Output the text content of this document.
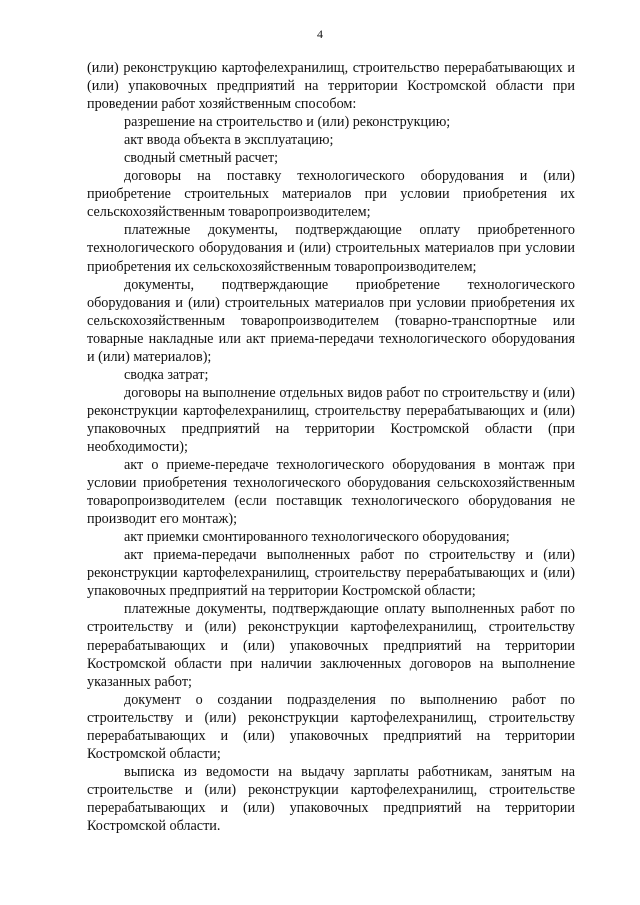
4

(или) реконструкцию картофелехранилищ, строительство перерабатывающих и (или) упаковочных предприятий на территории Костромской области при проведении работ хозяйственным способом:

разрешение на строительство и (или) реконструкцию;

акт ввода объекта в эксплуатацию;

сводный сметный расчет;

договоры на поставку технологического оборудования и (или) приобретение строительных материалов при условии приобретения их сельскохозяйственным товаропроизводителем;

платежные документы, подтверждающие оплату приобретенного технологического оборудования и (или) строительных материалов при условии приобретения их сельскохозяйственным товаропроизводителем;

документы, подтверждающие приобретение технологического оборудования и (или) строительных материалов при условии приобретения их сельскохозяйственным товаропроизводителем (товарно-транспортные или товарные накладные или акт приема-передачи технологического оборудования и (или) материалов);

сводка затрат;

договоры на выполнение отдельных видов работ по строительству и (или) реконструкции картофелехранилищ, строительству перерабатывающих и (или) упаковочных предприятий на территории Костромской области (при необходимости);

акт о приеме-передаче технологического оборудования в монтаж при условии приобретения технологического оборудования сельскохозяйственным товаропроизводителем (если поставщик технологического оборудования не производит его монтаж);

акт приемки смонтированного технологического оборудования;

акт приема-передачи выполненных работ по строительству и (или) реконструкции картофелехранилищ, строительству перерабатывающих и (или) упаковочных предприятий на территории Костромской области;

платежные документы, подтверждающие оплату выполненных работ по строительству и (или) реконструкции картофелехранилищ, строительству перерабатывающих и (или) упаковочных предприятий на территории Костромской области при наличии заключенных договоров на выполнение указанных работ;

документ о создании подразделения по выполнению работ по строительству и (или) реконструкции картофелехранилищ, строительству перерабатывающих и (или) упаковочных предприятий на территории Костромской области;

выписка из ведомости на выдачу зарплаты работникам, занятым на строительстве и (или) реконструкции картофелехранилищ, строительстве перерабатывающих и (или) упаковочных предприятий на территории Костромской области.
